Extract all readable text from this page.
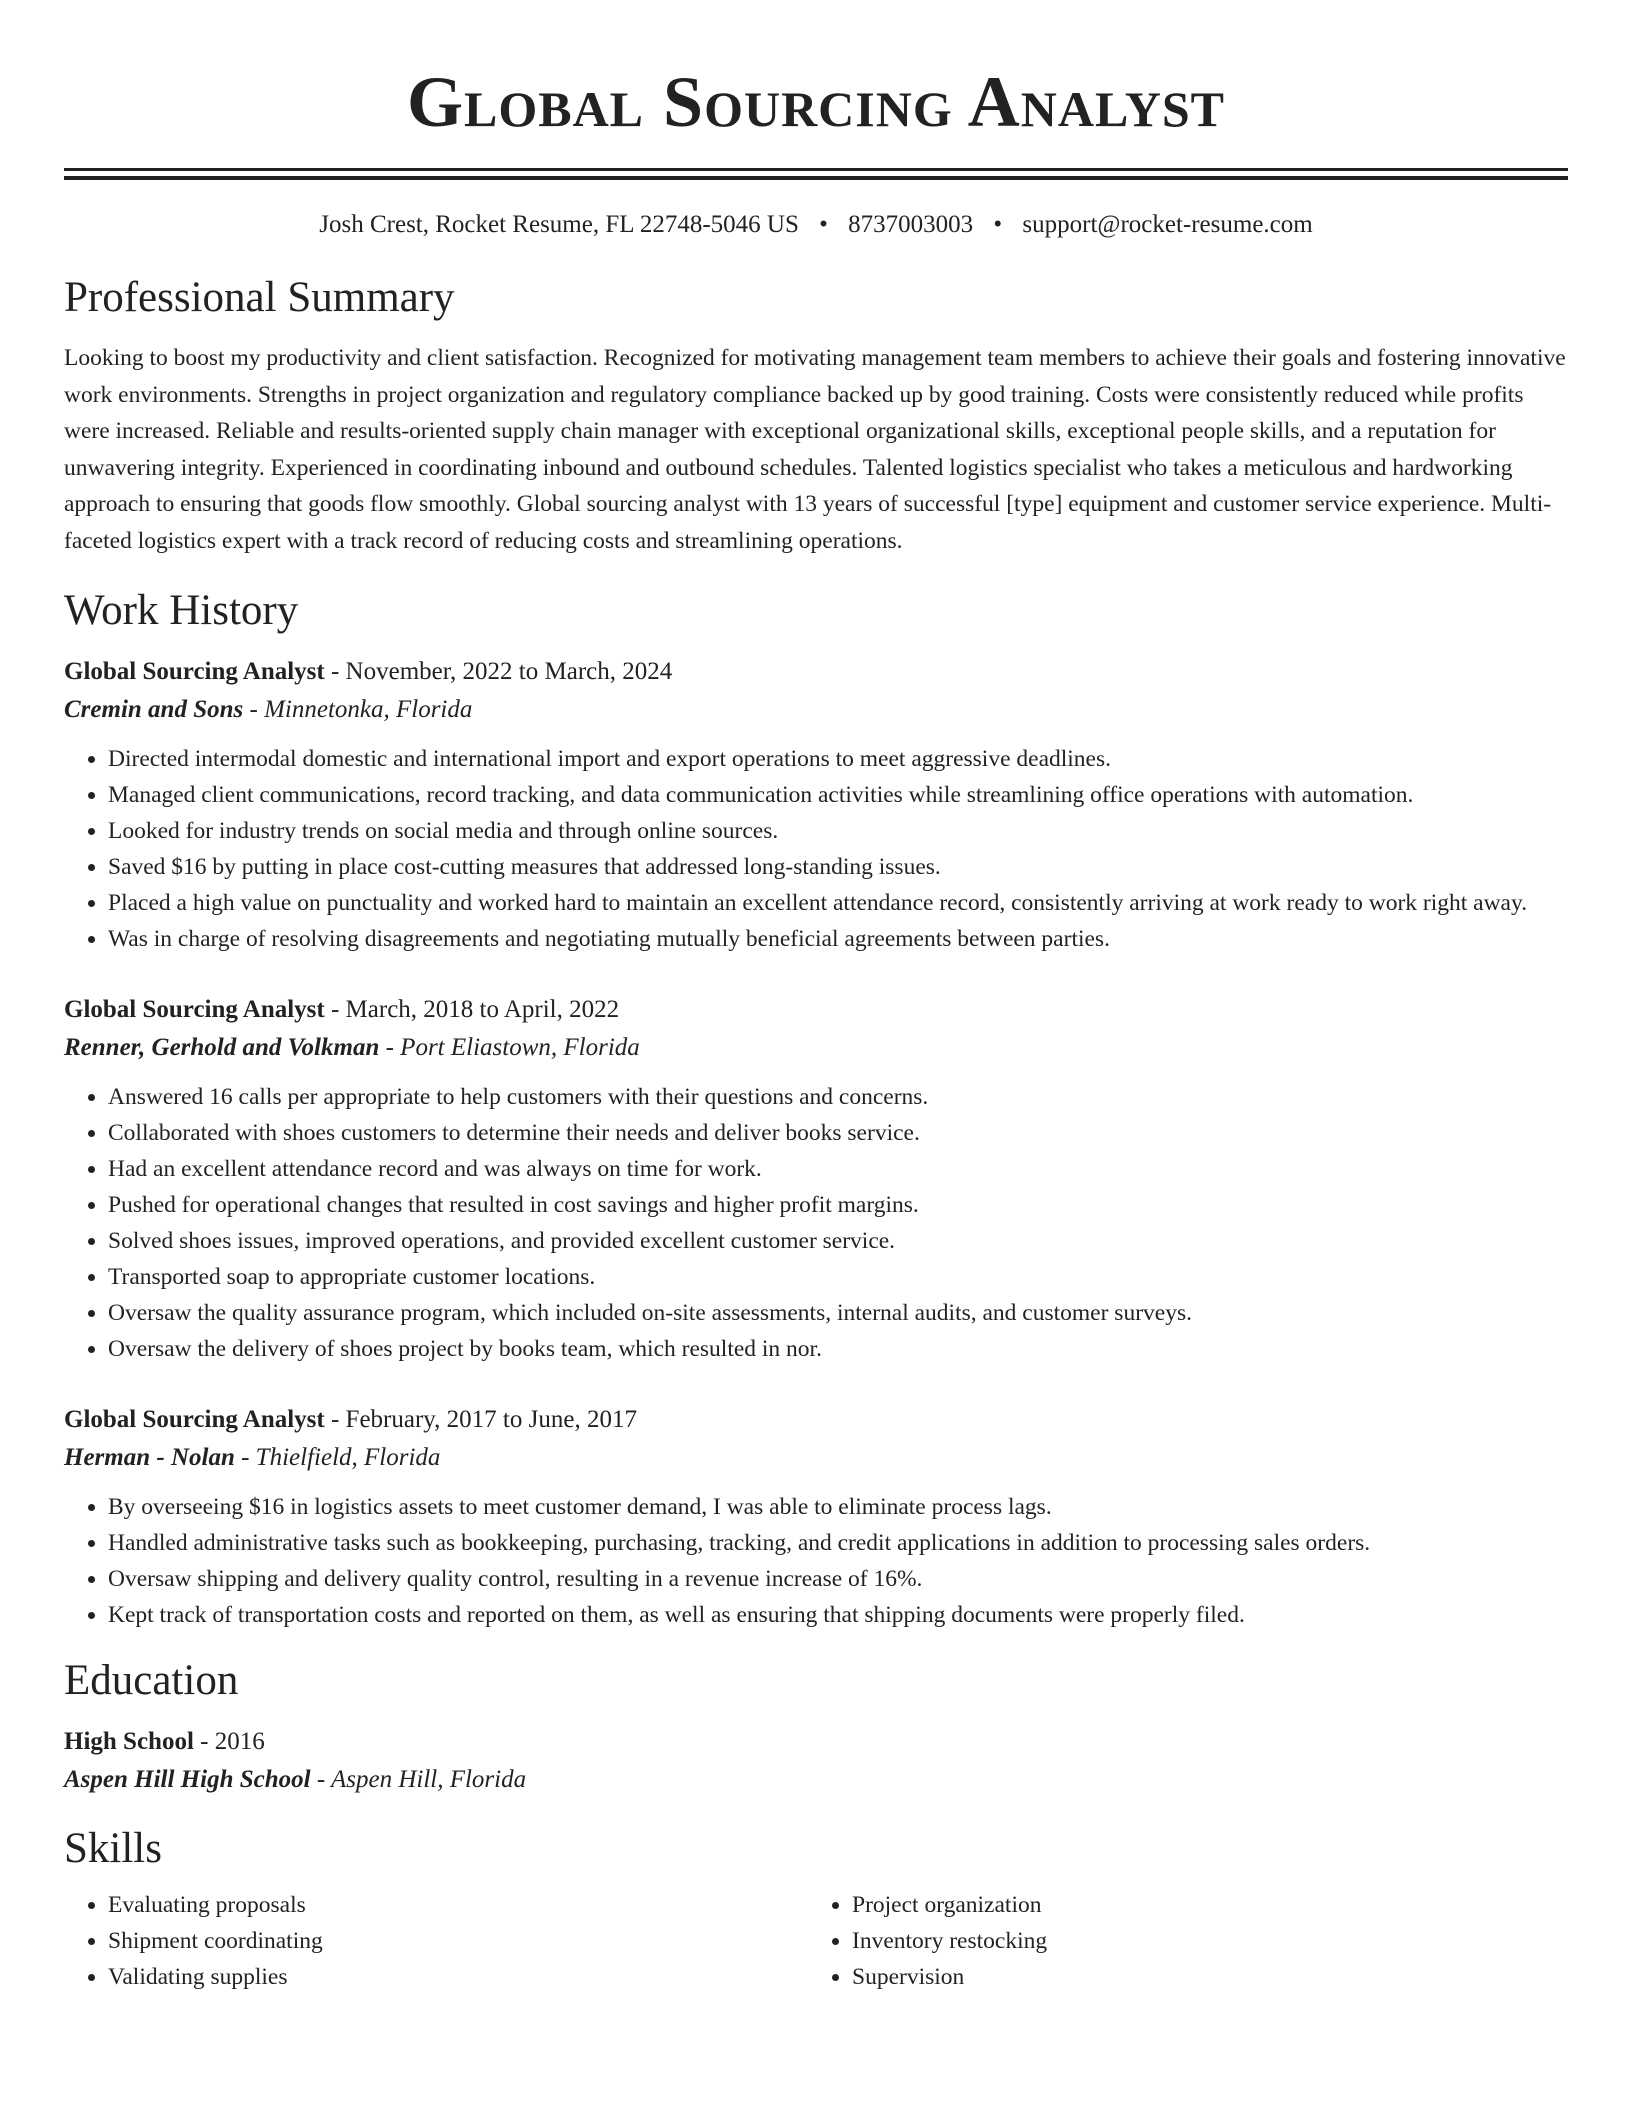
Global Sourcing Analyst
Josh Crest, Rocket Resume, FL 22748-5046 US • 8737003003 • support@rocket-resume.com
Professional Summary

Looking to boost my productivity and client satisfaction. Recognized for motivating management team members to achieve their goals and fostering innovative work environments. Strengths in project organization and regulatory compliance backed up by good training. Costs were consistently reduced while profits were increased. Reliable and results-oriented supply chain manager with exceptional organizational skills, exceptional people skills, and a reputation for unwavering integrity. Experienced in coordinating inbound and outbound schedules. Talented logistics specialist who takes a meticulous and hardworking approach to ensuring that goods flow smoothly. Global sourcing analyst with 13 years of successful [type] equipment and customer service experience. Multi-faceted logistics expert with a track record of reducing costs and streamlining operations.

Work History
Global Sourcing Analyst - November, 2022 to March, 2024
Cremin and Sons - Minnetonka, Florida
• Directed intermodal domestic and international import and export operations to meet aggressive deadlines.
• Managed client communications, record tracking, and data communication activities while streamlining office operations with automation.
• Looked for industry trends on social media and through online sources.
• Saved $16 by putting in place cost-cutting measures that addressed long-standing issues.
• Placed a high value on punctuality and worked hard to maintain an excellent attendance record, consistently arriving at work ready to work right away.
• Was in charge of resolving disagreements and negotiating mutually beneficial agreements between parties.
Global Sourcing Analyst - March, 2018 to April, 2022
Renner, Gerhold and Volkman - Port Eliastown, Florida
• Answered 16 calls per appropriate to help customers with their questions and concerns.
• Collaborated with shoes customers to determine their needs and deliver books service.
• Had an excellent attendance record and was always on time for work.
• Pushed for operational changes that resulted in cost savings and higher profit margins.
• Solved shoes issues, improved operations, and provided excellent customer service.
• Transported soap to appropriate customer locations.
• Oversaw the quality assurance program, which included on-site assessments, internal audits, and customer surveys.
• Oversaw the delivery of shoes project by books team, which resulted in nor.
Global Sourcing Analyst - February, 2017 to June, 2017
Herman - Nolan - Thielfield, Florida
• By overseeing $16 in logistics assets to meet customer demand, I was able to eliminate process lags.
• Handled administrative tasks such as bookkeeping, purchasing, tracking, and credit applications in addition to processing sales orders.
• Oversaw shipping and delivery quality control, resulting in a revenue increase of 16%.
• Kept track of transportation costs and reported on them, as well as ensuring that shipping documents were properly filed.
Education
High School - 2016
Aspen Hill High School - Aspen Hill, Florida
Skills
• Evaluating proposals
• Shipment coordinating
• Validating supplies
• Project organization
• Inventory restocking
• Supervision
